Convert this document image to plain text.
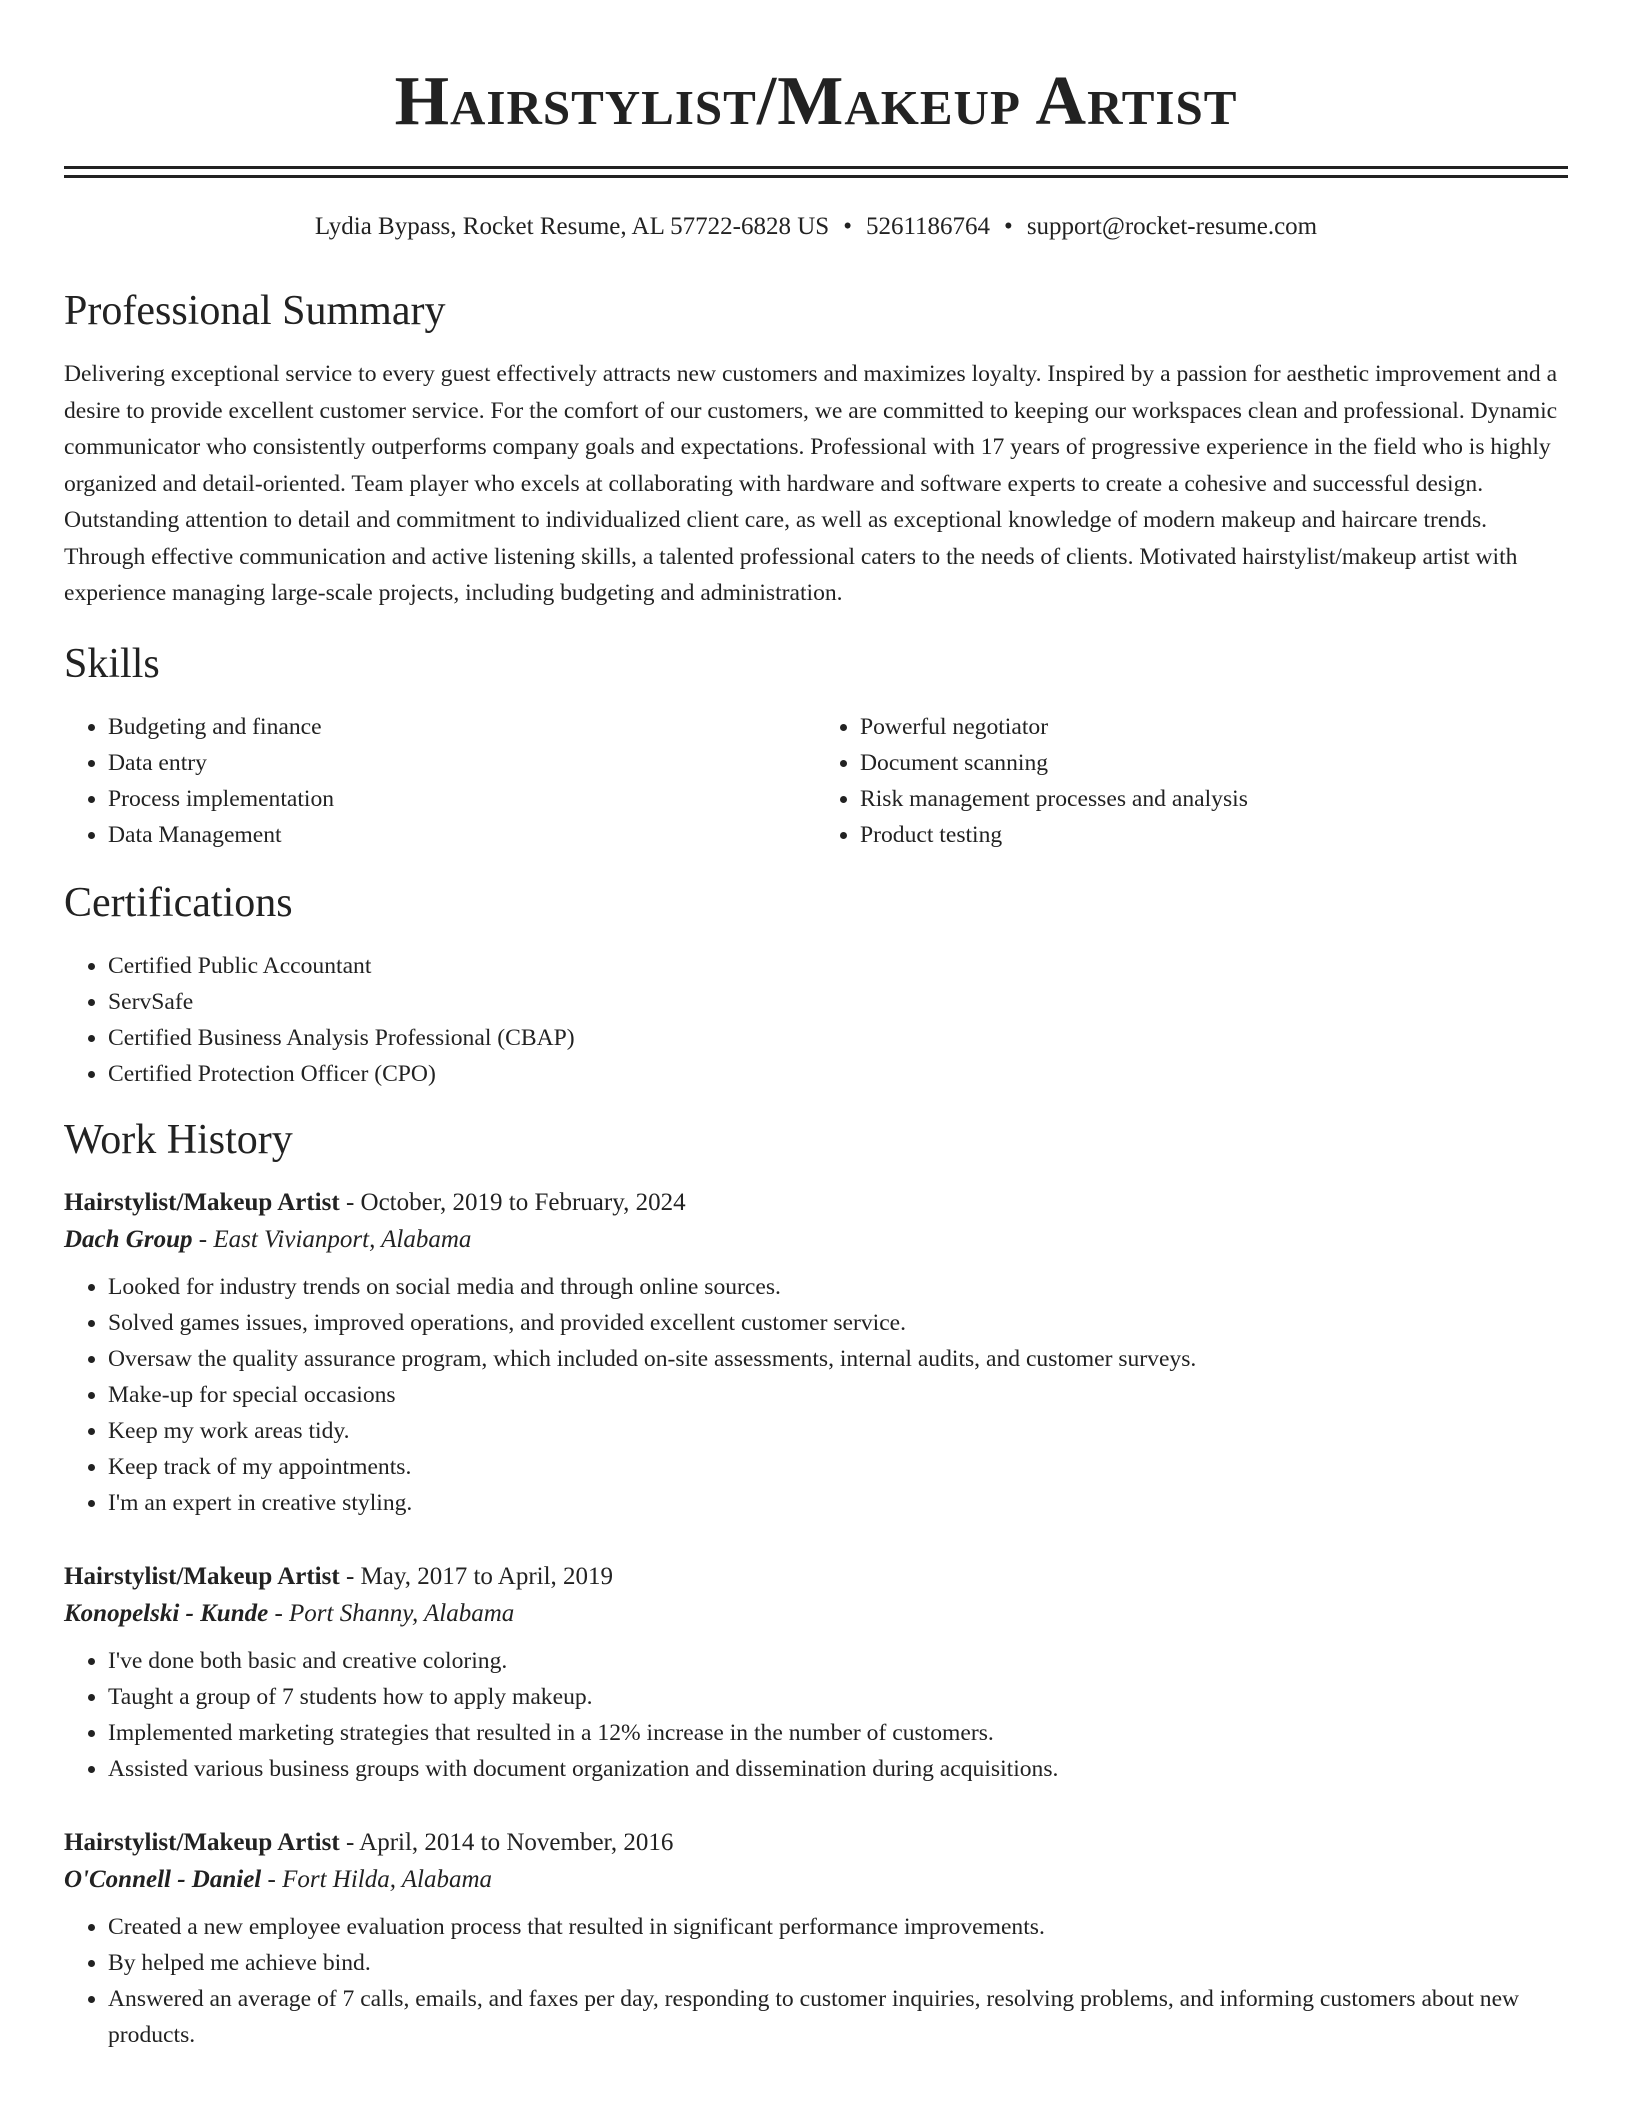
Hairstylist/Makeup Artist
Lydia Bypass, Rocket Resume, AL 57722-6828 US • 5261186764 • support@rocket-resume.com
Professional Summary

Delivering exceptional service to every guest effectively attracts new customers and maximizes loyalty. Inspired by a passion for aesthetic improvement and a desire to provide excellent customer service. For the comfort of our customers, we are committed to keeping our workspaces clean and professional. Dynamic communicator who consistently outperforms company goals and expectations. Professional with 17 years of progressive experience in the field who is highly organized and detail-oriented. Team player who excels at collaborating with hardware and software experts to create a cohesive and successful design. Outstanding attention to detail and commitment to individualized client care, as well as exceptional knowledge of modern makeup and haircare trends. Through effective communication and active listening skills, a talented professional caters to the needs of clients. Motivated hairstylist/makeup artist with experience managing large-scale projects, including budgeting and administration.

Skills
• Budgeting and finance
• Data entry
• Process implementation
• Data Management
• Powerful negotiator
• Document scanning
• Risk management processes and analysis
• Product testing
Certifications
• Certified Public Accountant
• ServSafe
• Certified Business Analysis Professional (CBAP)
• Certified Protection Officer (CPO)
Work History
Hairstylist/Makeup Artist - October, 2019 to February, 2024
Dach Group - East Vivianport, Alabama
• Looked for industry trends on social media and through online sources.
• Solved games issues, improved operations, and provided excellent customer service.
• Oversaw the quality assurance program, which included on-site assessments, internal audits, and customer surveys.
• Make-up for special occasions
• Keep my work areas tidy.
• Keep track of my appointments.
• I'm an expert in creative styling.
Hairstylist/Makeup Artist - May, 2017 to April, 2019
Konopelski - Kunde - Port Shanny, Alabama
• I've done both basic and creative coloring.
• Taught a group of 7 students how to apply makeup.
• Implemented marketing strategies that resulted in a 12% increase in the number of customers.
• Assisted various business groups with document organization and dissemination during acquisitions.
Hairstylist/Makeup Artist - April, 2014 to November, 2016
O'Connell - Daniel - Fort Hilda, Alabama
• Created a new employee evaluation process that resulted in significant performance improvements.
• By helped me achieve bind.
• Answered an average of 7 calls, emails, and faxes per day, responding to customer inquiries, resolving problems, and informing customers about new products.
